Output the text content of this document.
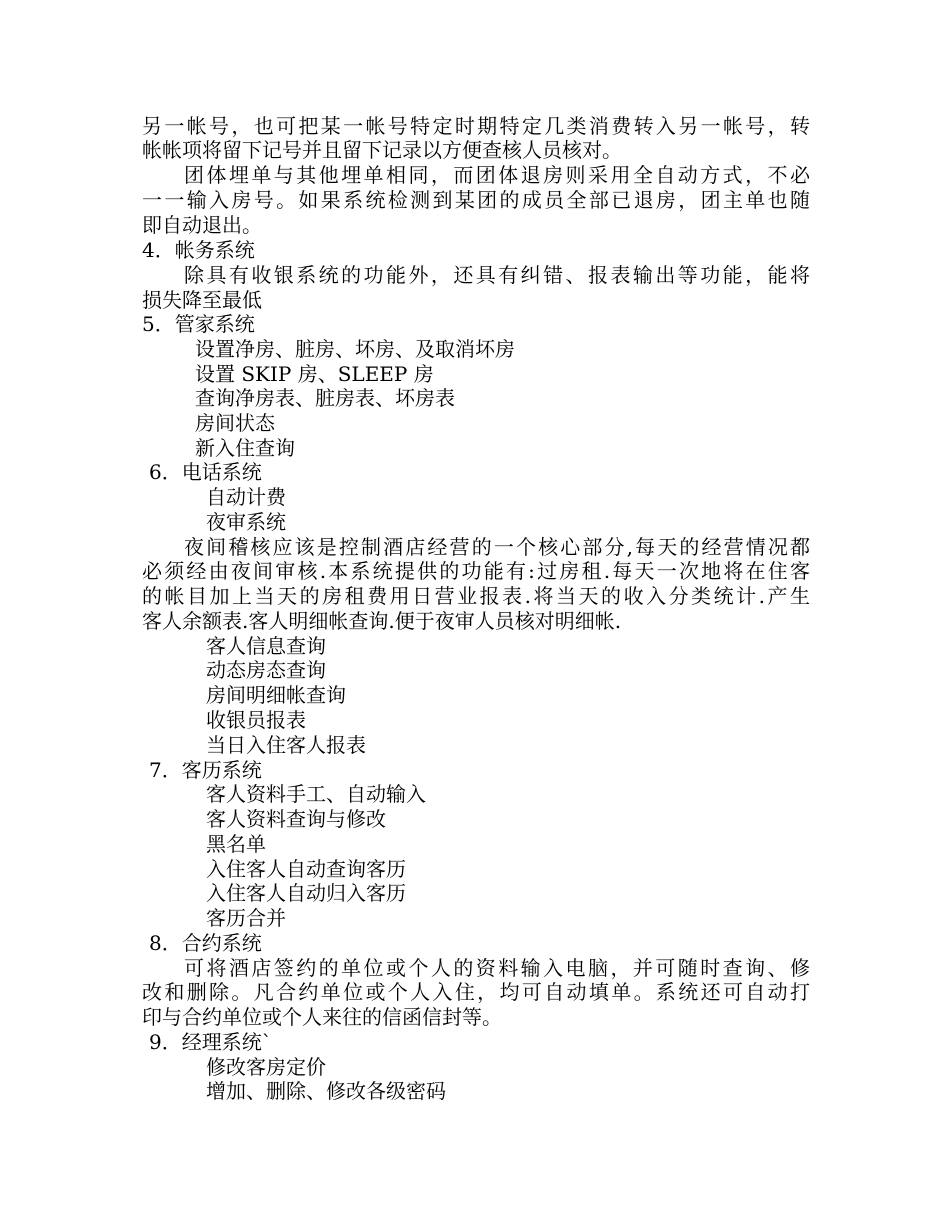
另一帐号，也可把某一帐号特定时期特定几类消费转入另一帐号，转
帐帐项将留下记号并且留下记录以方便查核人员核对。
团体埋单与其他埋单相同，而团体退房则采用全自动方式，不必
一一输入房号。如果系统检测到某团的成员全部已退房，团主单也随
即自动退出。
4．帐务系统
除具有收银系统的功能外，还具有纠错、报表输出等功能，能将
损失降至最低
5．管家系统
设置净房、脏房、坏房、及取消坏房
设置 SKIP 房、SLEEP 房
查询净房表、脏房表、坏房表
房间状态
新入住查询
6．电话系统
自动计费
夜审系统
夜间稽核应该是控制酒店经营的一个核心部分,每天的经营情况都
必须经由夜间审核.本系统提供的功能有:过房租.每天一次地将在住客
的帐目加上当天的房租费用日营业报表.将当天的收入分类统计.产生
客人余额表.客人明细帐查询.便于夜审人员核对明细帐.
客人信息查询
动态房态查询
房间明细帐查询
收银员报表
当日入住客人报表
7．客历系统
客人资料手工、自动输入
客人资料查询与修改
黑名单
入住客人自动查询客历
入住客人自动归入客历
客历合并
8．合约系统
可将酒店签约的单位或个人的资料输入电脑，并可随时查询、修
改和删除。凡合约单位或个人入住，均可自动填单。系统还可自动打
印与合约单位或个人来往的信函信封等。
9．经理系统`
修改客房定价
增加、删除、修改各级密码
